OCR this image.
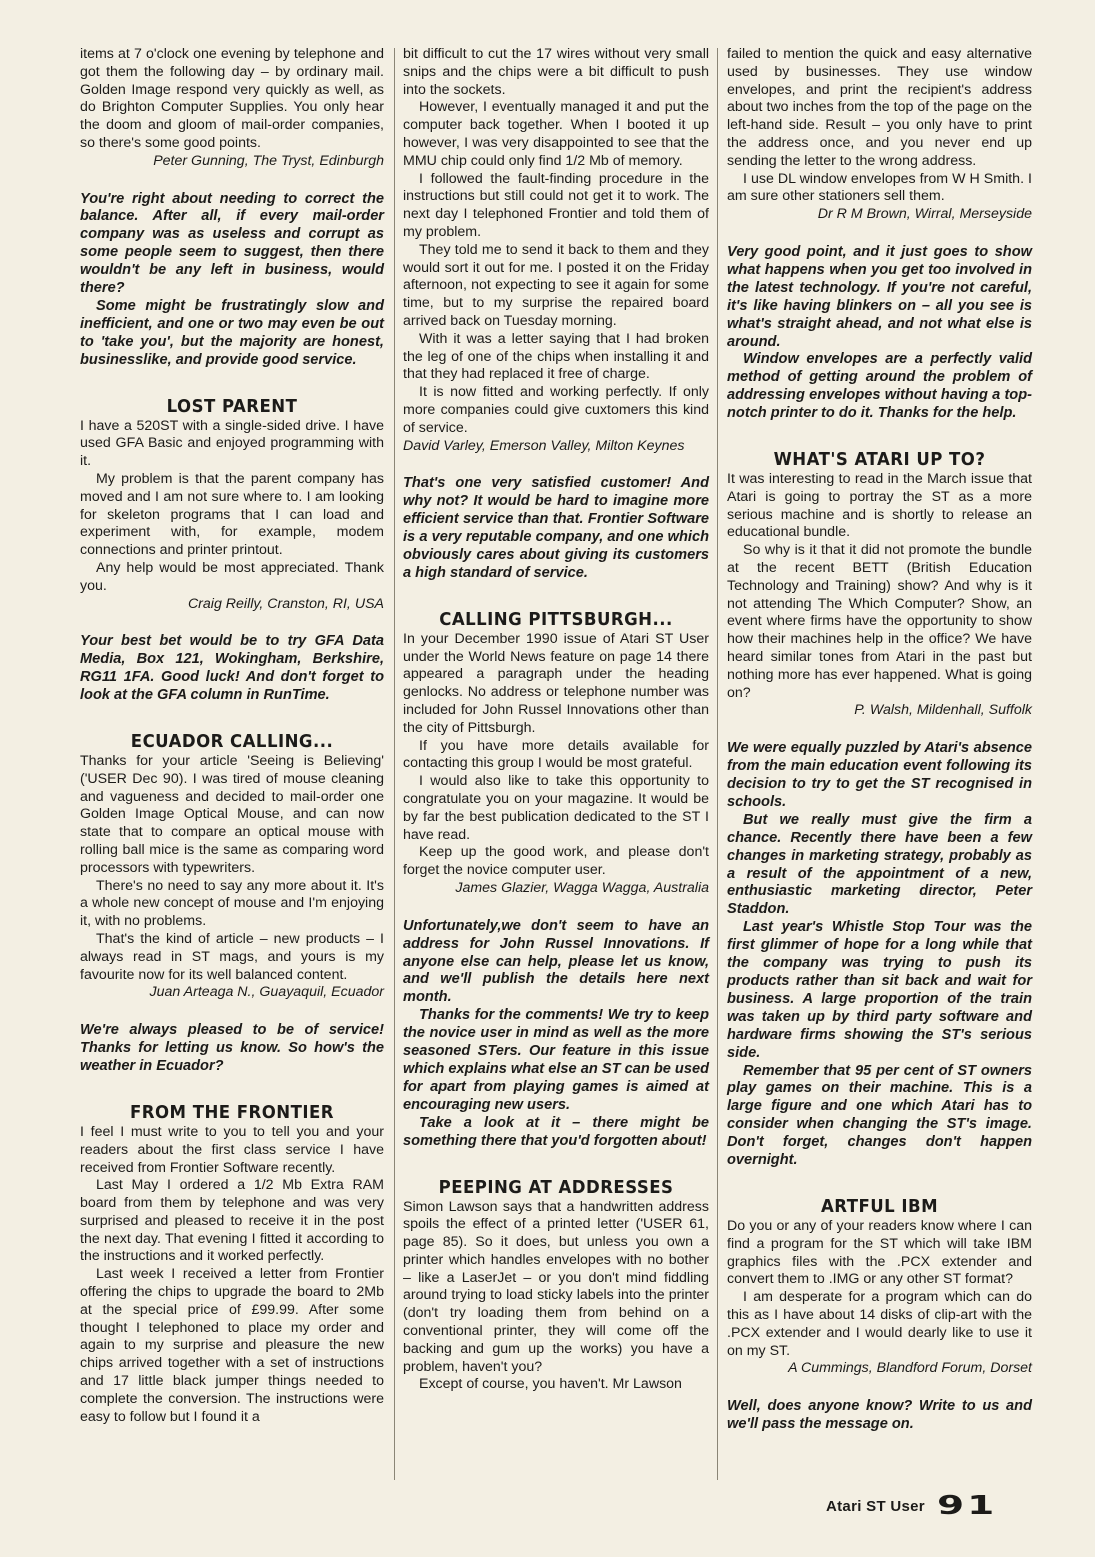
items at 7 o'clock one evening by telephone and got them the following day – by ordinary mail. Golden Image respond very quickly as well, as do Brighton Computer Supplies. You only hear the doom and gloom of mail-order companies, so there's some good points.

Peter Gunning, The Tryst, Edinburgh

You're right about needing to correct the balance. After all, if every mail-order company was as useless and corrupt as some people seem to suggest, then there wouldn't be any left in business, would there?

Some might be frustratingly slow and inefficient, and one or two may even be out to 'take you', but the majority are honest, businesslike, and provide good service.

LOST PARENT

I have a 520ST with a single-sided drive. I have used GFA Basic and enjoyed programming with it.

My problem is that the parent company has moved and I am not sure where to. I am looking for skeleton programs that I can load and experiment with, for example, modem connections and printer printout.

Any help would be most appreciated. Thank you.

Craig Reilly, Cranston, RI, USA

Your best bet would be to try GFA Data Media, Box 121, Wokingham, Berkshire, RG11 1FA. Good luck! And don't forget to look at the GFA column in RunTime.

ECUADOR CALLING...

Thanks for your article 'Seeing is Believing' ('USER Dec 90). I was tired of mouse cleaning and vagueness and decided to mail-order one Golden Image Optical Mouse, and can now state that to compare an optical mouse with rolling ball mice is the same as comparing word processors with typewriters.

There's no need to say any more about it. It's a whole new concept of mouse and I'm enjoying it, with no problems.

That's the kind of article – new products – I always read in ST mags, and yours is my favourite now for its well balanced content.

Juan Arteaga N., Guayaquil, Ecuador

We're always pleased to be of service! Thanks for letting us know. So how's the weather in Ecuador?

FROM THE FRONTIER

I feel I must write to you to tell you and your readers about the first class service I have received from Frontier Software recently.

Last May I ordered a 1/2 Mb Extra RAM board from them by telephone and was very surprised and pleased to receive it in the post the next day. That evening I fitted it according to the instructions and it worked perfectly.

Last week I received a letter from Frontier offering the chips to upgrade the board to 2Mb at the special price of £99.99. After some thought I telephoned to place my order and again to my surprise and pleasure the new chips arrived together with a set of instructions and 17 little black jumper things needed to complete the conversion. The instructions were easy to follow but I found it a

bit difficult to cut the 17 wires without very small snips and the chips were a bit difficult to push into the sockets.

However, I eventually managed it and put the computer back together. When I booted it up however, I was very disappointed to see that the MMU chip could only find 1/2 Mb of memory.

I followed the fault-finding procedure in the instructions but still could not get it to work. The next day I telephoned Frontier and told them of my problem.

They told me to send it back to them and they would sort it out for me. I posted it on the Friday afternoon, not expecting to see it again for some time, but to my surprise the repaired board arrived back on Tuesday morning.

With it was a letter saying that I had broken the leg of one of the chips when installing it and that they had replaced it free of charge.

It is now fitted and working perfectly. If only more companies could give cuxtomers this kind of service.

David Varley, Emerson Valley, Milton Keynes

That's one very satisfied customer! And why not? It would be hard to imagine more efficient service than that. Frontier Software is a very reputable company, and one which obviously cares about giving its customers a high standard of service.

CALLING PITTSBURGH...

In your December 1990 issue of Atari ST User under the World News feature on page 14 there appeared a paragraph under the heading genlocks. No address or telephone number was included for John Russel Innovations other than the city of Pittsburgh.

If you have more details available for contacting this group I would be most grateful.

I would also like to take this opportunity to congratulate you on your magazine. It would be by far the best publication dedicated to the ST I have read.

Keep up the good work, and please don't forget the novice computer user.

James Glazier, Wagga Wagga, Australia

Unfortunately,we don't seem to have an address for John Russel Innovations. If anyone else can help, please let us know, and we'll publish the details here next month.

Thanks for the comments! We try to keep the novice user in mind as well as the more seasoned STers. Our feature in this issue which explains what else an ST can be used for apart from playing games is aimed at encouraging new users.

Take a look at it – there might be something there that you'd forgotten about!

PEEPING AT ADDRESSES

Simon Lawson says that a handwritten address spoils the effect of a printed letter ('USER 61, page 85). So it does, but unless you own a printer which handles envelopes with no bother – like a LaserJet – or you don't mind fiddling around trying to load sticky labels into the printer (don't try loading them from behind on a conventional printer, they will come off the backing and gum up the works) you have a problem, haven't you?

Except of course, you haven't. Mr Lawson

failed to mention the quick and easy alternative used by businesses. They use window envelopes, and print the recipient's address about two inches from the top of the page on the left-hand side. Result – you only have to print the address once, and you never end up sending the letter to the wrong address.

I use DL window envelopes from W H Smith. I am sure other stationers sell them.

Dr R M Brown, Wirral, Merseyside

Very good point, and it just goes to show what happens when you get too involved in the latest technology. If you're not careful, it's like having blinkers on – all you see is what's straight ahead, and not what else is around.

Window envelopes are a perfectly valid method of getting around the problem of addressing envelopes without having a top-notch printer to do it. Thanks for the help.

WHAT'S ATARI UP TO?

It was interesting to read in the March issue that Atari is going to portray the ST as a more serious machine and is shortly to release an educational bundle.

So why is it that it did not promote the bundle at the recent BETT (British Education Technology and Training) show? And why is it not attending The Which Computer? Show, an event where firms have the opportunity to show how their machines help in the office? We have heard similar tones from Atari in the past but nothing more has ever happened. What is going on?

P. Walsh, Mildenhall, Suffolk

We were equally puzzled by Atari's absence from the main education event following its decision to try to get the ST recognised in schools.

But we really must give the firm a chance. Recently there have been a few changes in marketing strategy, probably as a result of the appointment of a new, enthusiastic marketing director, Peter Staddon.

Last year's Whistle Stop Tour was the first glimmer of hope for a long while that the company was trying to push its products rather than sit back and wait for business. A large proportion of the train was taken up by third party software and hardware firms showing the ST's serious side.

Remember that 95 per cent of ST owners play games on their machine. This is a large figure and one which Atari has to consider when changing the ST's image. Don't forget, changes don't happen overnight.

ARTFUL IBM

Do you or any of your readers know where I can find a program for the ST which will take IBM graphics files with the .PCX extender and convert them to .IMG or any other ST format?

I am desperate for a program which can do this as I have about 14 disks of clip-art with the .PCX extender and I would dearly like to use it on my ST.

A Cummings, Blandford Forum, Dorset

Well, does anyone know? Write to us and we'll pass the message on.

Atari ST User 91
